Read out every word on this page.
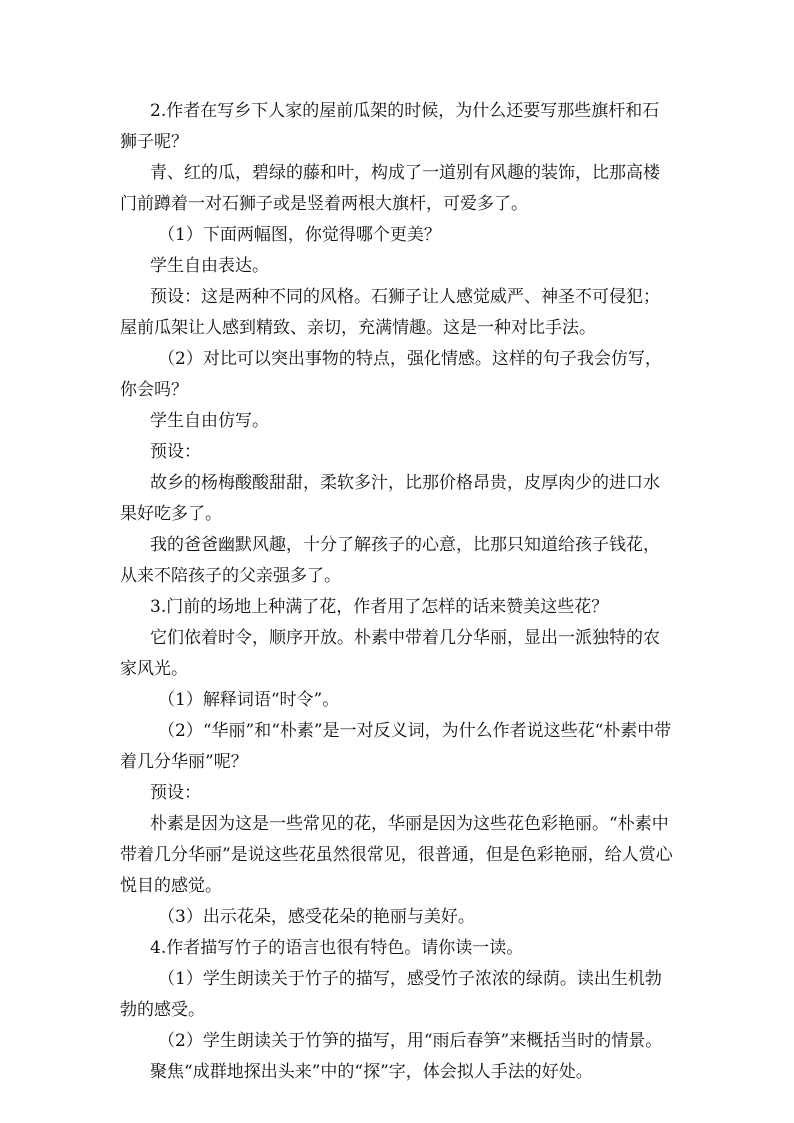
2.作者在写乡下人家的屋前瓜架的时候，为什么还要写那些旗杆和石狮子呢？

青、红的瓜，碧绿的藤和叶，构成了一道别有风趣的装饰，比那高楼门前蹲着一对石狮子或是竖着两根大旗杆，可爱多了。

（1）下面两幅图，你觉得哪个更美？

学生自由表达。

预设：这是两种不同的风格。石狮子让人感觉威严、神圣不可侵犯；屋前瓜架让人感到精致、亲切，充满情趣。这是一种对比手法。

（2）对比可以突出事物的特点，强化情感。这样的句子我会仿写，你会吗？

学生自由仿写。

预设：

故乡的杨梅酸酸甜甜，柔软多汁，比那价格昂贵，皮厚肉少的进口水果好吃多了。

我的爸爸幽默风趣，十分了解孩子的心意，比那只知道给孩子钱花，从来不陪孩子的父亲强多了。

3.门前的场地上种满了花，作者用了怎样的话来赞美这些花？

它们依着时令，顺序开放。朴素中带着几分华丽，显出一派独特的农家风光。

（1）解释词语“时令”。

（2）“华丽”和“朴素”是一对反义词，为什么作者说这些花“朴素中带着几分华丽”呢？

预设：

朴素是因为这是一些常见的花，华丽是因为这些花色彩艳丽。“朴素中带着几分华丽”是说这些花虽然很常见，很普通，但是色彩艳丽，给人赏心悦目的感觉。

（3）出示花朵，感受花朵的艳丽与美好。

4.作者描写竹子的语言也很有特色。请你读一读。

（1）学生朗读关于竹子的描写，感受竹子浓浓的绿荫。读出生机勃勃的感受。

（2）学生朗读关于竹笋的描写，用“雨后春笋”来概括当时的情景。

聚焦“成群地探出头来”中的“探”字，体会拟人手法的好处。
